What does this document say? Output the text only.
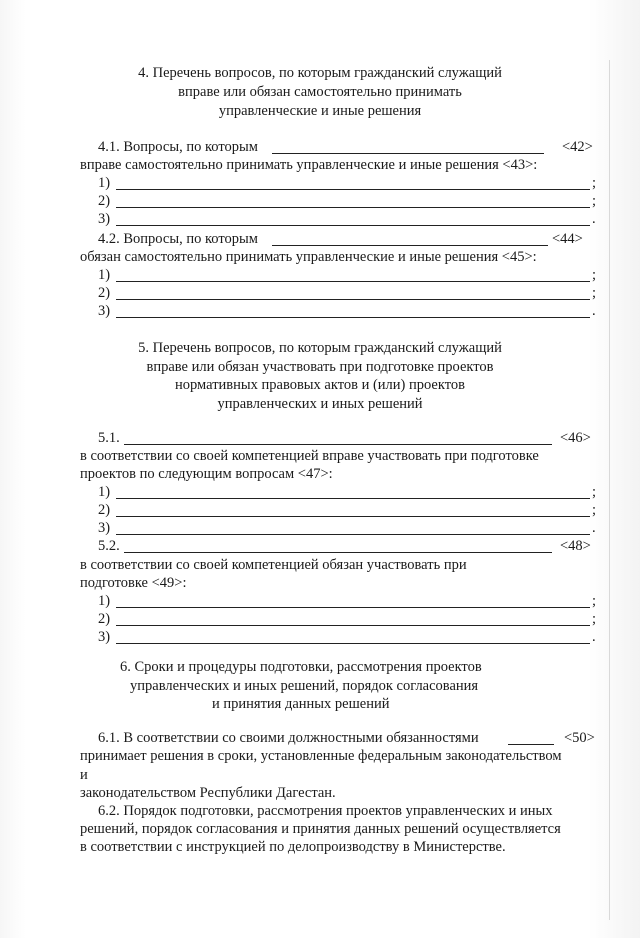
4. Перечень вопросов, по которым гражданский служащий
вправе или обязан самостоятельно принимать
управленческие и иные решения
4.1. Вопросы, по которым	<42>
вправе самостоятельно принимать управленческие и иные решения <43>:
1)	;
2)	;
3)	.
4.2. Вопросы, по которым	<44>
обязан самостоятельно принимать управленческие и иные решения <45>:
1)	;
2)	;
3)	.
5. Перечень вопросов, по которым гражданский служащий
вправе или обязан участвовать при подготовке проектов
нормативных правовых актов и (или) проектов
управленческих и иных решений
5.1.	<46>
в соответствии со своей компетенцией вправе участвовать при подготовке
проектов по следующим вопросам <47>:
1)	;
2)	;
3)	.
5.2.	<48>
в соответствии со своей компетенцией обязан участвовать при
подготовке <49>:
1)	;
2)	;
3)	.
6. Сроки и процедуры подготовки, рассмотрения проектов
управленческих и иных решений, порядок согласования
и принятия данных решений
6.1. В соответствии со своими должностными обязанностями	<50>
принимает решения в сроки, установленные федеральным законодательством
и
законодательством Республики Дагестан.
6.2. Порядок подготовки, рассмотрения проектов управленческих и иных
решений, порядок согласования и принятия данных решений осуществляется
в соответствии с инструкцией по делопроизводству в Министерстве.
